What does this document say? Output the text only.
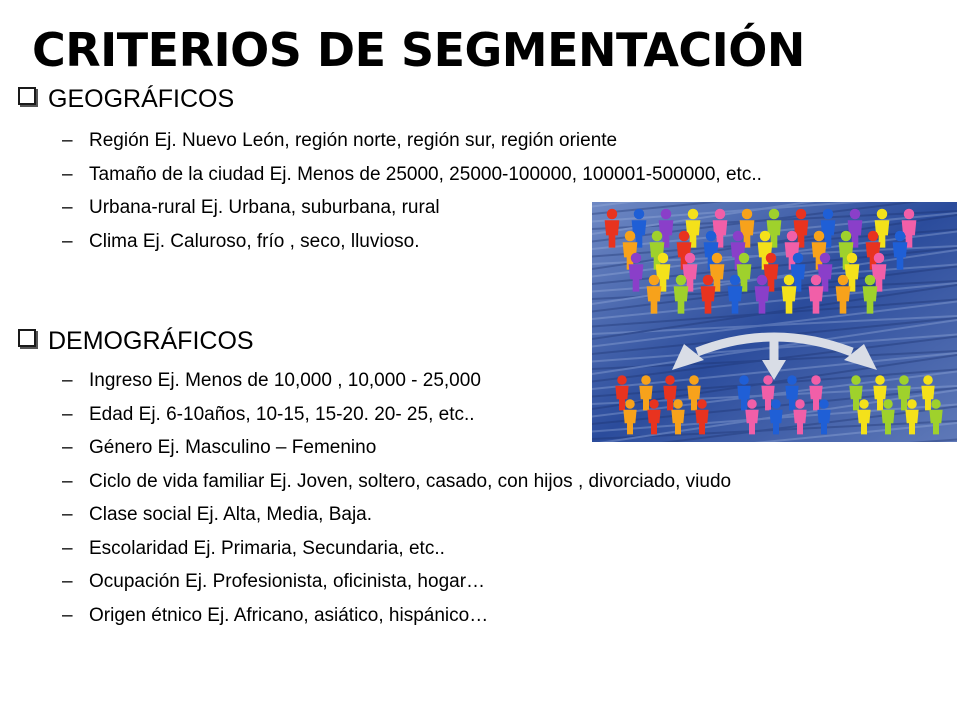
CRITERIOS DE SEGMENTACIÓN
GEOGRÁFICOS
– Región Ej. Nuevo León, región norte, región sur, región oriente
– Tamaño de la ciudad Ej. Menos de 25000, 25000-100000, 100001-500000, etc..
– Urbana-rural Ej. Urbana, suburbana, rural
– Clima Ej. Caluroso, frío , seco, lluvioso.
DEMOGRÁFICOS
– Ingreso Ej. Menos de 10,000 , 10,000 - 25,000
– Edad Ej. 6-10años, 10-15, 15-20. 20- 25, etc..
– Género Ej. Masculino – Femenino
– Ciclo de vida familiar Ej. Joven, soltero, casado, con hijos , divorciado, viudo
– Clase social Ej. Alta, Media, Baja.
– Escolaridad Ej. Primaria, Secundaria, etc..
– Ocupación Ej. Profesionista, oficinista, hogar…
– Origen étnico Ej. Africano, asiático, hispánico…
